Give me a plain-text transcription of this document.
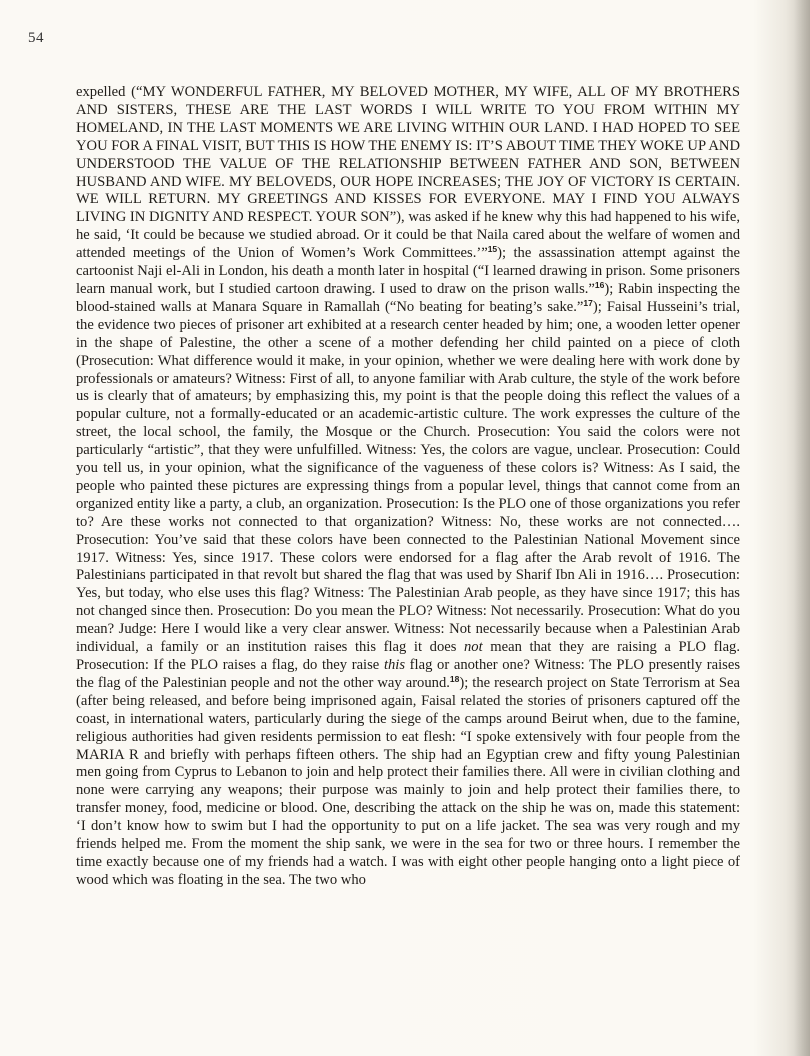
54
expelled (“MY WONDERFUL FATHER, MY BELOVED MOTHER, MY WIFE, ALL OF MY BROTHERS AND SISTERS, THESE ARE THE LAST WORDS I WILL WRITE TO YOU FROM WITHIN MY HOMELAND, IN THE LAST MOMENTS WE ARE LIVING WITHIN OUR LAND. I HAD HOPED TO SEE YOU FOR A FINAL VISIT, BUT THIS IS HOW THE ENEMY IS: IT’S ABOUT TIME THEY WOKE UP AND UNDERSTOOD THE VALUE OF THE RELATIONSHIP BETWEEN FATHER AND SON, BETWEEN HUSBAND AND WIFE. MY BELOVEDS, OUR HOPE INCREASES; THE JOY OF VICTORY IS CERTAIN. WE WILL RETURN. MY GREETINGS AND KISSES FOR EVERYONE. MAY I FIND YOU ALWAYS LIVING IN DIGNITY AND RESPECT. YOUR SON”), was asked if he knew why this had happened to his wife, he said, ‘It could be because we studied abroad. Or it could be that Naila cared about the welfare of women and attended meetings of the Union of Women’s Work Committees.’”$^{15}$); the assassination attempt against the cartoonist Naji el-Ali in London, his death a month later in hospital (“I learned drawing in prison. Some prisoners learn manual work, but I studied cartoon drawing. I used to draw on the prison walls.”$^{16}$); Rabin inspecting the blood-stained walls at Manara Square in Ramallah (“No beating for beating’s sake.”$^{17}$); Faisal Husseini’s trial, the evidence two pieces of prisoner art exhibited at a research center headed by him; one, a wooden letter opener in the shape of Palestine, the other a scene of a mother defending her child painted on a piece of cloth (Prosecution: What difference would it make, in your opinion, whether we were dealing here with work done by professionals or amateurs? Witness: First of all, to anyone familiar with Arab culture, the style of the work before us is clearly that of amateurs; by emphasizing this, my point is that the people doing this reflect the values of a popular culture, not a formally-educated or an academic-artistic culture. The work expresses the culture of the street, the local school, the family, the Mosque or the Church. Prosecution: You said the colors were not particularly “artistic”, that they were unfulfilled. Witness: Yes, the colors are vague, unclear. Prosecution: Could you tell us, in your opinion, what the significance of the vagueness of these colors is? Witness: As I said, the people who painted these pictures are expressing things from a popular level, things that cannot come from an organized entity like a party, a club, an organization. Prosecution: Is the PLO one of those organizations you refer to? Are these works not connected to that organization? Witness: No, these works are not connected…. Prosecution: You’ve said that these colors have been connected to the Palestinian National Movement since 1917. Witness: Yes, since 1917. These colors were endorsed for a flag after the Arab revolt of 1916. The Palestinians participated in that revolt but shared the flag that was used by Sharif Ibn Ali in 1916…. Prosecution: Yes, but today, who else uses this flag? Witness: The Palestinian Arab people, as they have since 1917; this has not changed since then. Prosecution: Do you mean the PLO? Witness: Not necessarily. Prosecution: What do you mean? Judge: Here I would like a very clear answer. Witness: Not necessarily because when a Palestinian Arab individual, a family or an institution raises this flag it does not mean that they are raising a PLO flag. Prosecution: If the PLO raises a flag, do they raise this flag or another one? Witness: The PLO presently raises the flag of the Palestinian people and not the other way around.$^{18}$); the research project on State Terrorism at Sea (after being released, and before being imprisoned again, Faisal related the stories of prisoners captured off the coast, in international waters, particularly during the siege of the camps around Beirut when, due to the famine, religious authorities had given residents permission to eat flesh: “I spoke extensively with four people from the MARIA R and briefly with perhaps fifteen others. The ship had an Egyptian crew and fifty young Palestinian men going from Cyprus to Lebanon to join and help protect their families there. All were in civilian clothing and none were carrying any weapons; their purpose was mainly to join and help protect their families there, to transfer money, food, medicine or blood. One, describing the attack on the ship he was on, made this statement: ‘I don’t know how to swim but I had the opportunity to put on a life jacket. The sea was very rough and my friends helped me. From the moment the ship sank, we were in the sea for two or three hours. I remember the time exactly because one of my friends had a watch. I was with eight other people hanging onto a light piece of wood which was floating in the sea. The two who
